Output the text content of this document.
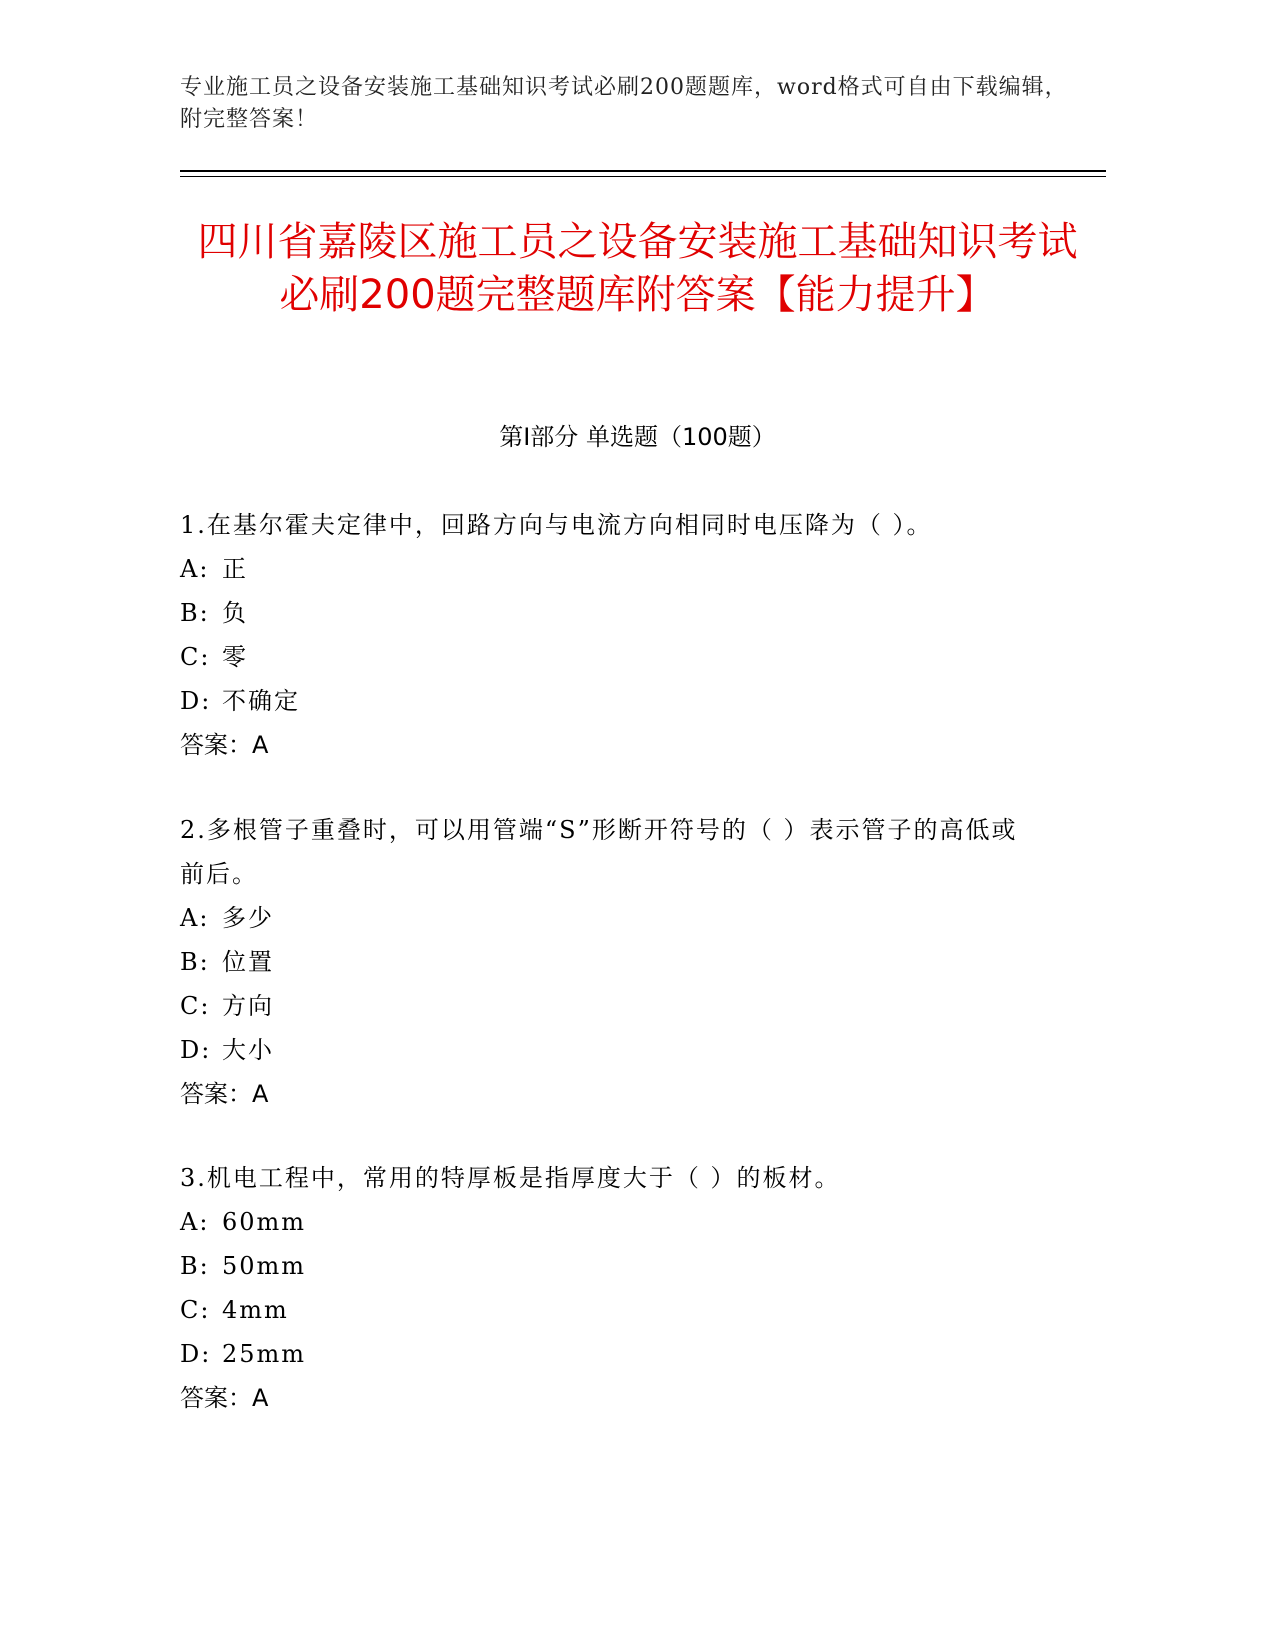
专业施工员之设备安装施工基础知识考试必刷200题题库，word格式可自由下载编辑，附完整答案！
四川省嘉陵区施工员之设备安装施工基础知识考试必刷200题完整题库附答案【能力提升】
第I部分 单选题（100题）
1.在基尔霍夫定律中，回路方向与电流方向相同时电压降为（ ）。
A: 正
B: 负
C: 零
D: 不确定
答案：A
2.多根管子重叠时，可以用管端“S”形断开符号的（ ）表示管子的高低或前后。
A: 多少
B: 位置
C: 方向
D: 大小
答案：A
3.机电工程中，常用的特厚板是指厚度大于（ ）的板材。
A: 60mm
B: 50mm
C: 4mm
D: 25mm
答案：A
